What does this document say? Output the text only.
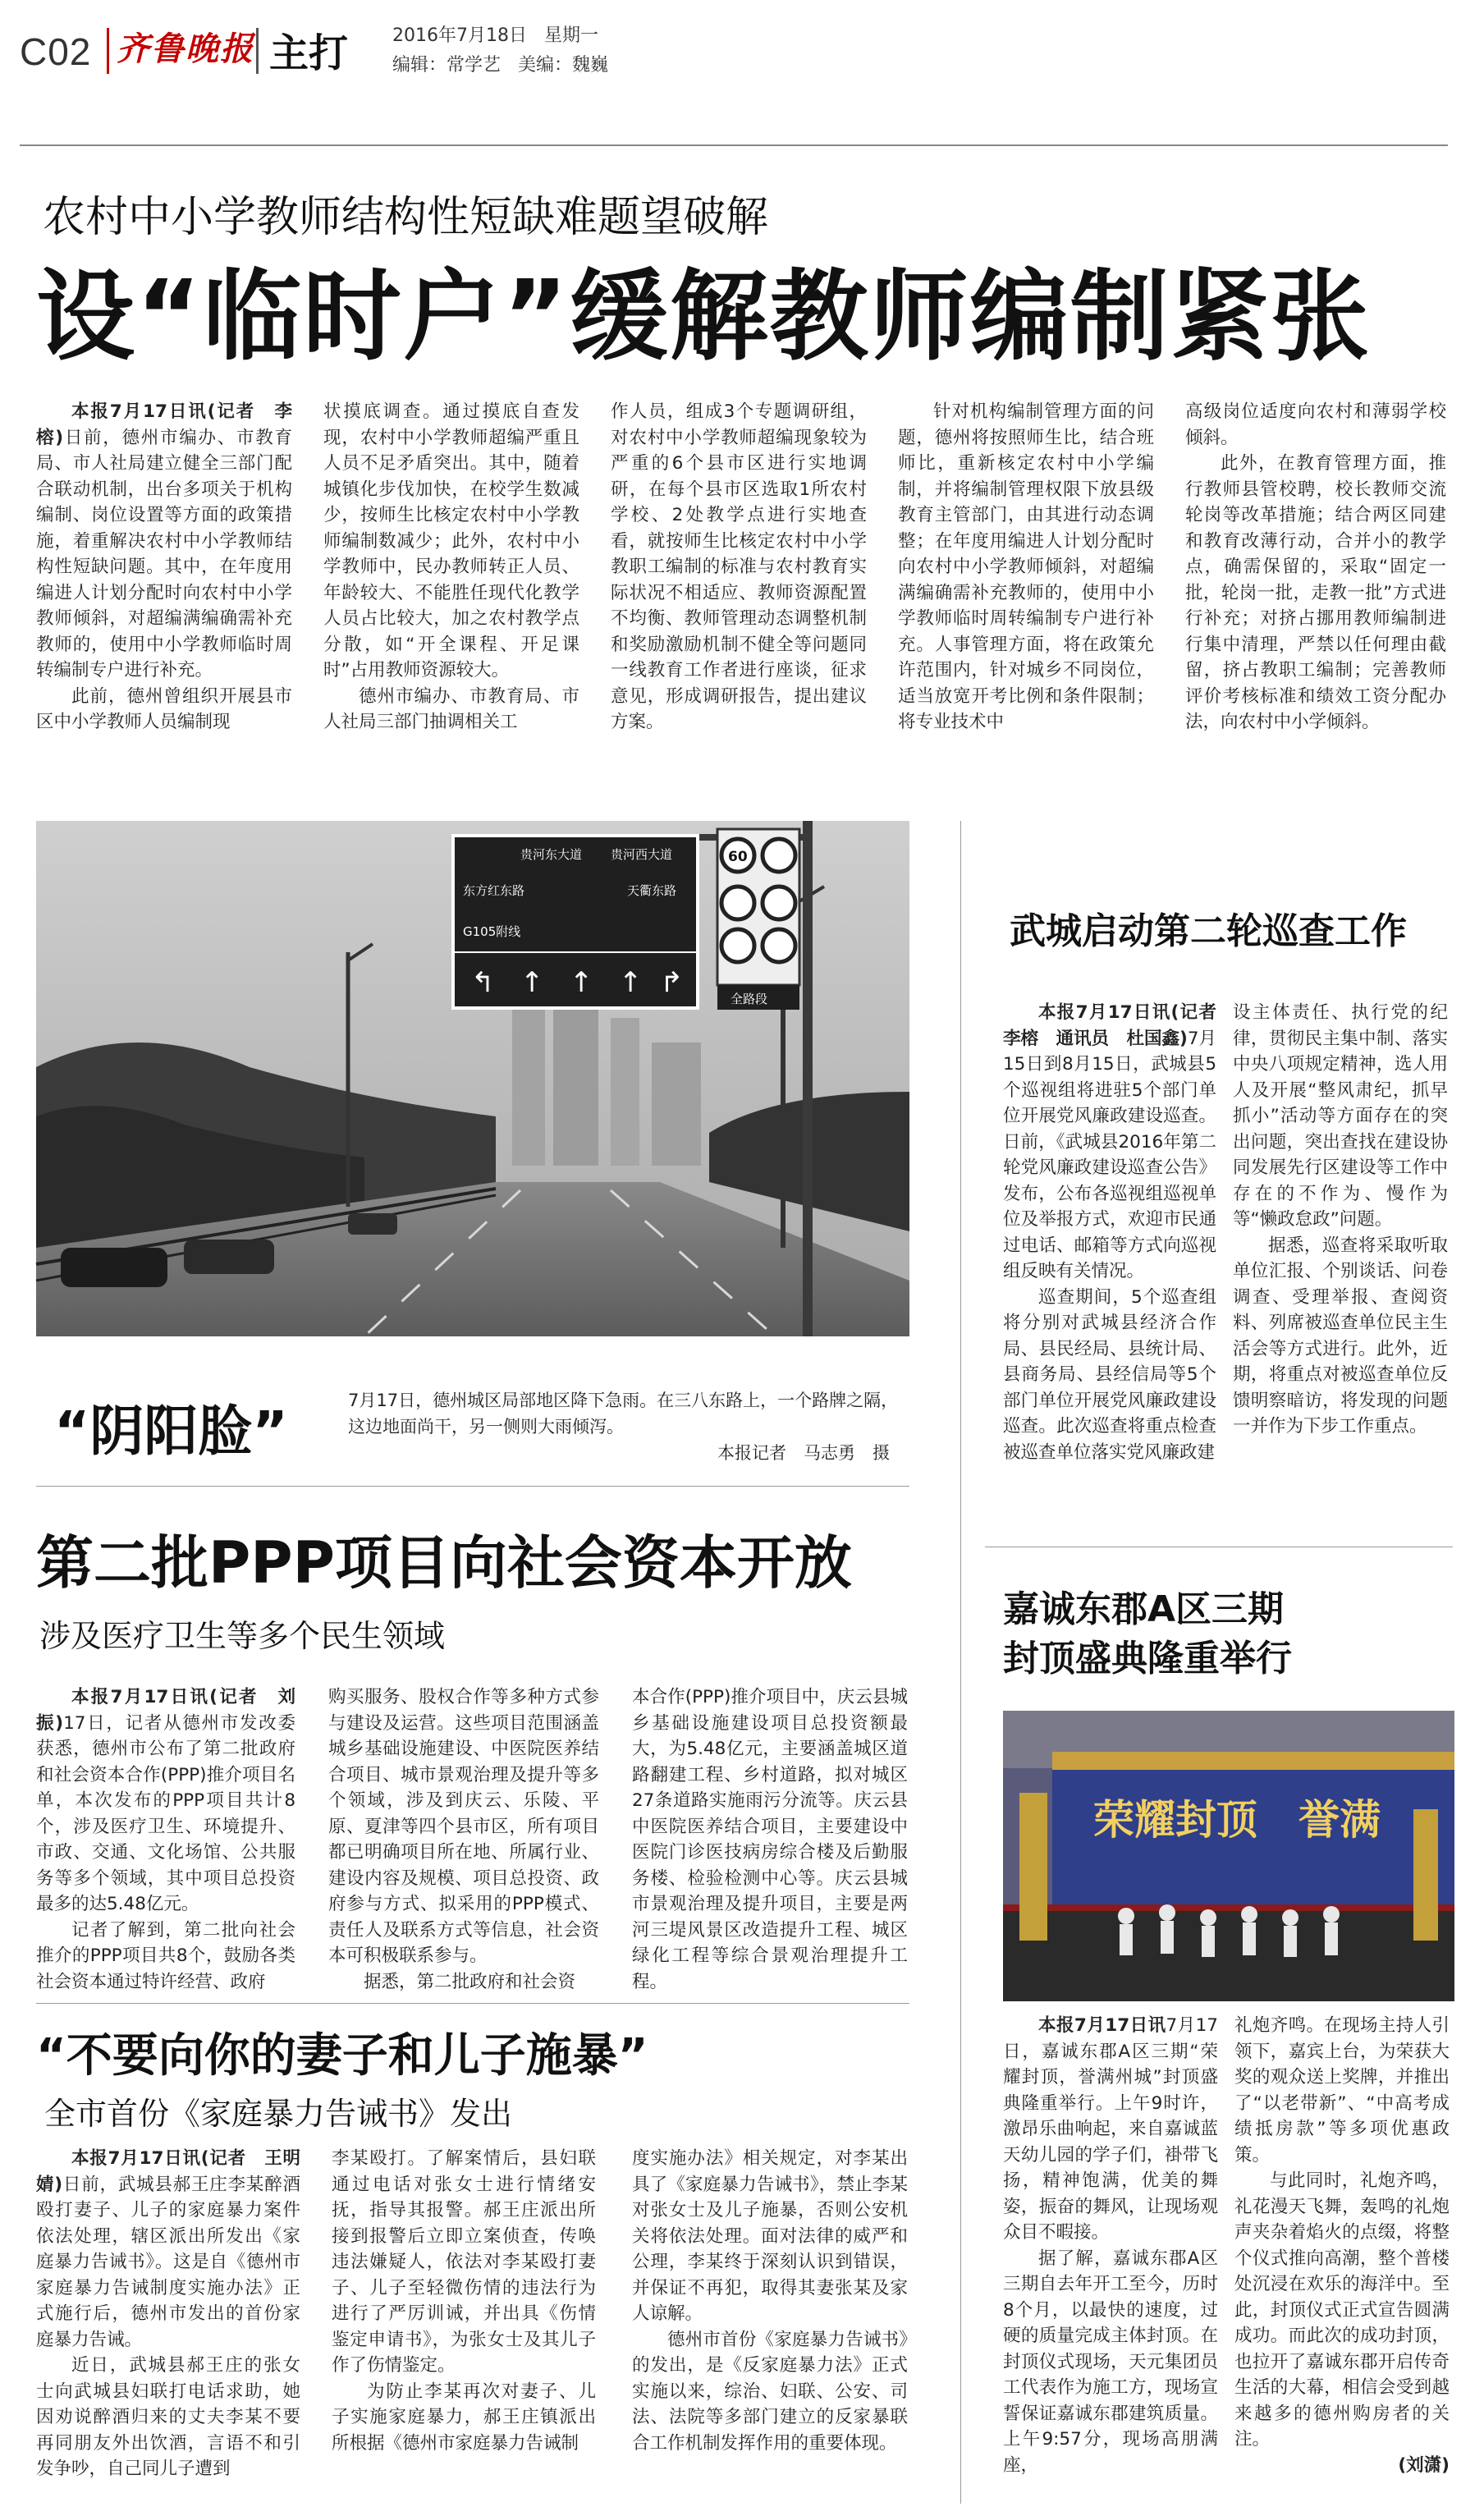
C02 齐鲁晚报 主打 2016年7月18日   星期一
编辑：常学艺   美编：魏巍
农村中小学教师结构性短缺难题望破解
设“临时户”缓解教师编制紧张

本报7月17日讯(记者　李榕)日前，德州市编办、市教育局、市人社局建立健全三部门配合联动机制，出台多项关于机构编制、岗位设置等方面的政策措施，着重解决农村中小学教师结构性短缺问题。其中，在年度用编进人计划分配时向农村中小学教师倾斜，对超编满编确需补充教师的，使用中小学教师临时周转编制专户进行补充。

此前，德州曾组织开展县市区中小学教师人员编制现

状摸底调查。通过摸底自查发现，农村中小学教师超编严重且人员不足矛盾突出。其中，随着城镇化步伐加快，在校学生数减少，按师生比核定农村中小学教师编制数减少；此外，农村中小学教师中，民办教师转正人员、年龄较大、不能胜任现代化教学人员占比较大，加之农村教学点分散，如“开全课程、开足课时”占用教师资源较大。

德州市编办、市教育局、市人社局三部门抽调相关工

作人员，组成3个专题调研组，对农村中小学教师超编现象较为严重的6个县市区进行实地调研，在每个县市区选取1所农村学校、2处教学点进行实地查看，就按师生比核定农村中小学教职工编制的标准与农村教育实际状况不相适应、教师资源配置不均衡、教师管理动态调整机制和奖励激励机制不健全等问题同一线教育工作者进行座谈，征求意见，形成调研报告，提出建议方案。

针对机构编制管理方面的问题，德州将按照师生比，结合班师比，重新核定农村中小学编制，并将编制管理权限下放县级教育主管部门，由其进行动态调整；在年度用编进人计划分配时向农村中小学教师倾斜，对超编满编确需补充教师的，使用中小学教师临时周转编制专户进行补充。人事管理方面，将在政策允许范围内，针对城乡不同岗位，适当放宽开考比例和条件限制；将专业技术中

高级岗位适度向农村和薄弱学校倾斜。

此外，在教育管理方面，推行教师县管校聘，校长教师交流轮岗等改革措施；结合两区同建和教育改薄行动，合并小的教学点，确需保留的，采取“固定一批，轮岗一批，走教一批”方式进行补充；对挤占挪用教师编制进行集中清理，严禁以任何理由截留，挤占教职工编制；完善教师评价考核标准和绩效工资分配办法，向农村中小学倾斜。

贵河东大道 贵河西大道
东方红东路	天衢东路
G105附线
↰ ↑ ↑ ↑ ↱
60
全路段
“阴阳脸”	7月17日，德州城区局部地区降下急雨。在三八东路上，一个路牌之隔，这边地面尚干，另一侧则大雨倾泻。

本报记者　马志勇　摄
第二批PPP项目向社会资本开放
涉及医疗卫生等多个民生领域

本报7月17日讯(记者　刘振)17日，记者从德州市发改委获悉，德州市公布了第二批政府和社会资本合作(PPP)推介项目名单，本次发布的PPP项目共计8个，涉及医疗卫生、环境提升、市政、交通、文化场馆、公共服务等多个领域，其中项目总投资最多的达5.48亿元。

记者了解到，第二批向社会推介的PPP项目共8个，鼓励各类社会资本通过特许经营、政府

购买服务、股权合作等多种方式参与建设及运营。这些项目范围涵盖城乡基础设施建设、中医院医养结合项目、城市景观治理及提升等多个领域，涉及到庆云、乐陵、平原、夏津等四个县市区，所有项目都已明确项目所在地、所属行业、建设内容及规模、项目总投资、政府参与方式、拟采用的PPP模式、责任人及联系方式等信息，社会资本可积极联系参与。

据悉，第二批政府和社会资

本合作(PPP)推介项目中，庆云县城乡基础设施建设项目总投资额最大，为5.48亿元，主要涵盖城区道路翻建工程、乡村道路，拟对城区27条道路实施雨污分流等。庆云县中医院医养结合项目，主要建设中医院门诊医技病房综合楼及后勤服务楼、检验检测中心等。庆云县城市景观治理及提升项目，主要是两河三堤风景区改造提升工程、城区绿化工程等综合景观治理提升工程。

“不要向你的妻子和儿子施暴”
全市首份《家庭暴力告诫书》发出

本报7月17日讯(记者　王明婧)日前，武城县郝王庄李某醉酒殴打妻子、儿子的家庭暴力案件依法处理，辖区派出所发出《家庭暴力告诫书》。这是自《德州市家庭暴力告诫制度实施办法》正式施行后，德州市发出的首份家庭暴力告诫。

近日，武城县郝王庄的张女士向武城县妇联打电话求助，她因劝说醉酒归来的丈夫李某不要再同朋友外出饮酒，言语不和引发争吵，自己同儿子遭到

李某殴打。了解案情后，县妇联通过电话对张女士进行情绪安抚，指导其报警。郝王庄派出所接到报警后立即立案侦查，传唤违法嫌疑人，依法对李某殴打妻子、儿子至轻微伤情的违法行为进行了严厉训诫，并出具《伤情鉴定申请书》，为张女士及其儿子作了伤情鉴定。

为防止李某再次对妻子、儿子实施家庭暴力，郝王庄镇派出所根据《德州市家庭暴力告诫制

度实施办法》相关规定，对李某出具了《家庭暴力告诫书》，禁止李某对张女士及儿子施暴，否则公安机关将依法处理。面对法律的威严和公理，李某终于深刻认识到错误，并保证不再犯，取得其妻张某及家人谅解。

德州市首份《家庭暴力告诫书》的发出，是《反家庭暴力法》正式实施以来，综治、妇联、公安、司法、法院等多部门建立的反家暴联合工作机制发挥作用的重要体现。

武城启动第二轮巡查工作

本报7月17日讯(记者　李榕　通讯员　杜国鑫)7月15日到8月15日，武城县5个巡视组将进驻5个部门单位开展党风廉政建设巡查。日前，《武城县2016年第二轮党风廉政建设巡查公告》发布，公布各巡视组巡视单位及举报方式，欢迎市民通过电话、邮箱等方式向巡视组反映有关情况。

巡查期间，5个巡查组将分别对武城县经济合作局、县民经局、县统计局、县商务局、县经信局等5个部门单位开展党风廉政建设巡查。此次巡查将重点检查被巡查单位落实党风廉政建

设主体责任、执行党的纪律，贯彻民主集中制、落实中央八项规定精神，选人用人及开展“整风肃纪，抓早抓小”活动等方面存在的突出问题，突出查找在建设协同发展先行区建设等工作中存在的不作为、慢作为等“懒政怠政”问题。

据悉，巡查将采取听取单位汇报、个别谈话、问卷调查、受理举报、查阅资料、列席被巡查单位民主生活会等方式进行。此外，近期，将重点对被巡查单位反馈明察暗访，将发现的问题一并作为下步工作重点。

嘉诚东郡A区三期
封顶盛典隆重举行
荣耀封顶　誉满

本报7月17日讯7月17日，嘉诚东郡A区三期“荣耀封顶，誉满州城”封顶盛典隆重举行。上午9时许，激昂乐曲响起，来自嘉诚蓝天幼儿园的学子们，褂带飞扬，精神饱满，优美的舞姿，振奋的舞风，让现场观众目不暇接。

据了解，嘉诚东郡A区三期自去年开工至今，历时8个月，以最快的速度，过硬的质量完成主体封顶。在封顶仪式现场，天元集团员工代表作为施工方，现场宣誓保证嘉诚东郡建筑质量。上午9:57分，现场高朋满座，

礼炮齐鸣。在现场主持人引领下，嘉宾上台，为荣获大奖的观众送上奖牌，并推出了“以老带新”、“中高考成绩抵房款”等多项优惠政策。

与此同时，礼炮齐鸣，礼花漫天飞舞，轰鸣的礼炮声夹杂着焰火的点缀，将整个仪式推向高潮，整个普楼处沉浸在欢乐的海洋中。至此，封顶仪式正式宣告圆满成功。而此次的成功封顶，也拉开了嘉诚东郡开启传奇生活的大幕，相信会受到越来越多的德州购房者的关注。

(刘潇)
